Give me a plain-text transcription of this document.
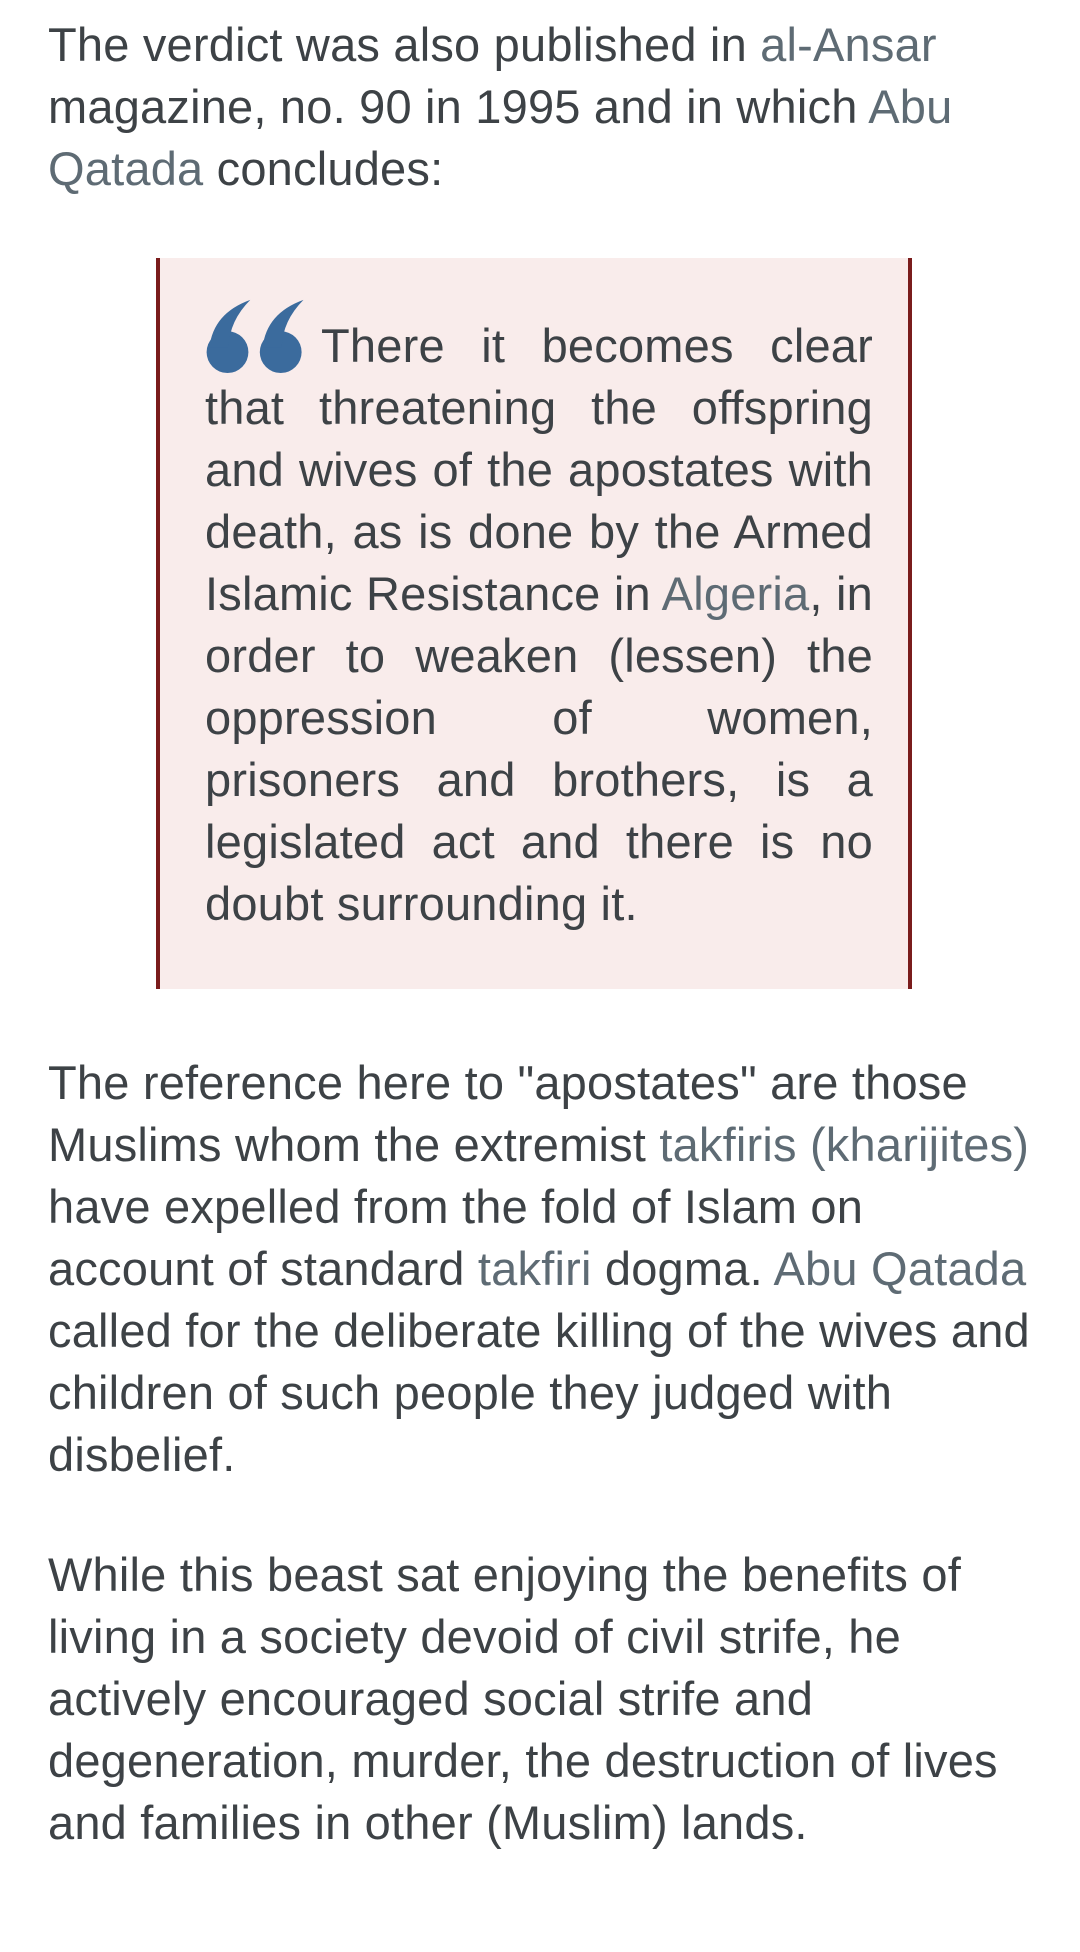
The verdict was also published in al-Ansar magazine, no. 90 in 1995 and in which Abu Qatada concludes:

There it becomes clear that threatening the offspring and wives of the apostates with death, as is done by the Armed Islamic Resistance in Algeria, in order to weaken (lessen) the oppression of women, prisoners and brothers, is a legislated act and there is no doubt surrounding it.

The reference here to "apostates" are those Muslims whom the extremist takfiris (kharijites) have expelled from the fold of Islam on account of standard takfiri dogma. Abu Qatada called for the deliberate killing of the wives and children of such people they judged with disbelief.

While this beast sat enjoying the benefits of living in a society devoid of civil strife, he actively encouraged social strife and degeneration, murder, the destruction of lives and families in other (Muslim) lands.
